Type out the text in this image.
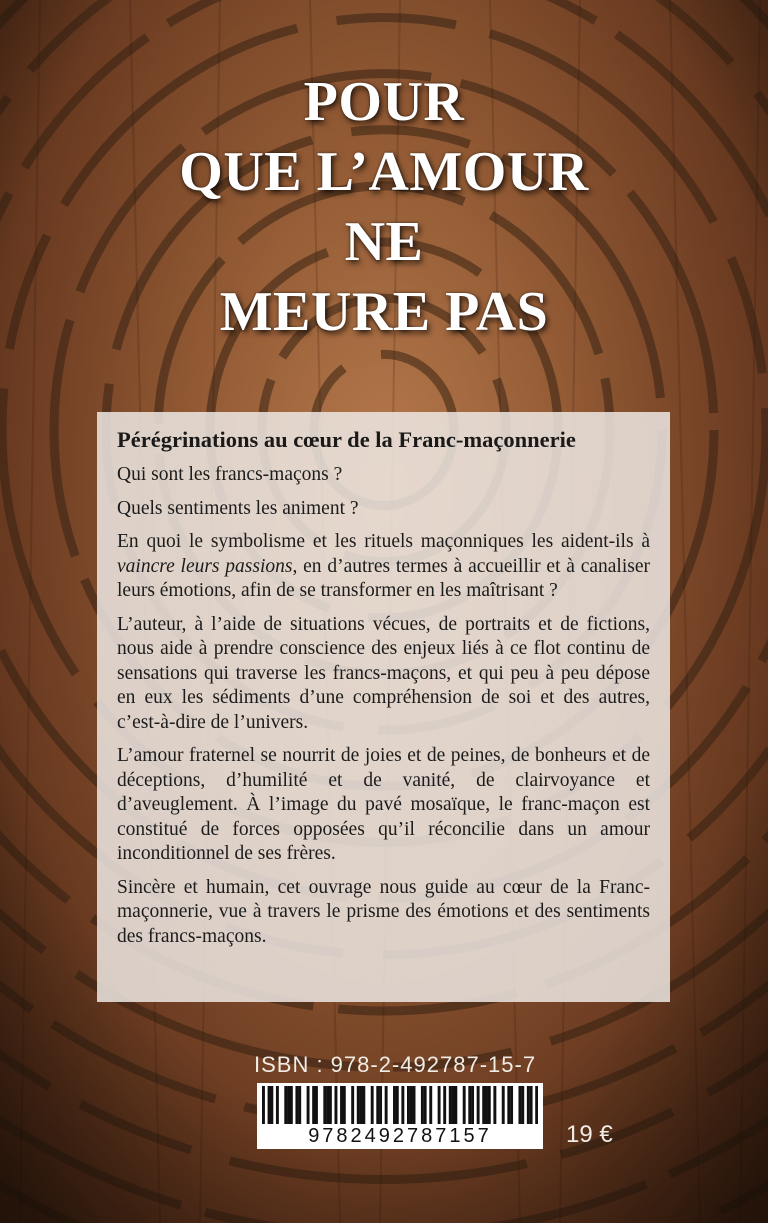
POUR
QUE L’AMOUR
NE
MEURE PAS
Pérégrinations au cœur de la Franc-maçonnerie

Qui sont les francs-maçons ?

Quels sentiments les animent ?

En quoi le symbolisme et les rituels maçonniques les aident-ils à vaincre leurs passions, en d’autres termes à accueillir et à canaliser leurs émotions, afin de se transformer en les maîtrisant ?

L’auteur, à l’aide de situations vécues, de portraits et de fictions, nous aide à prendre conscience des enjeux liés à ce flot continu de sensations qui traverse les francs-maçons, et qui peu à peu dépose en eux les sédiments d’une compréhension de soi et des autres, c’est-à-dire de l’univers.

L’amour fraternel se nourrit de joies et de peines, de bonheurs et de déceptions, d’humilité et de vanité, de clairvoyance et d’aveuglement. À l’image du pavé mosaïque, le franc-maçon est constitué de forces opposées qu’il réconcilie dans un amour inconditionnel de ses frères.

Sincère et humain, cet ouvrage nous guide au cœur de la Franc-maçonnerie, vue à travers le prisme des émotions et des sentiments des francs-maçons.

ISBN : 978-2-492787-15-7
9782492787157	19 €
